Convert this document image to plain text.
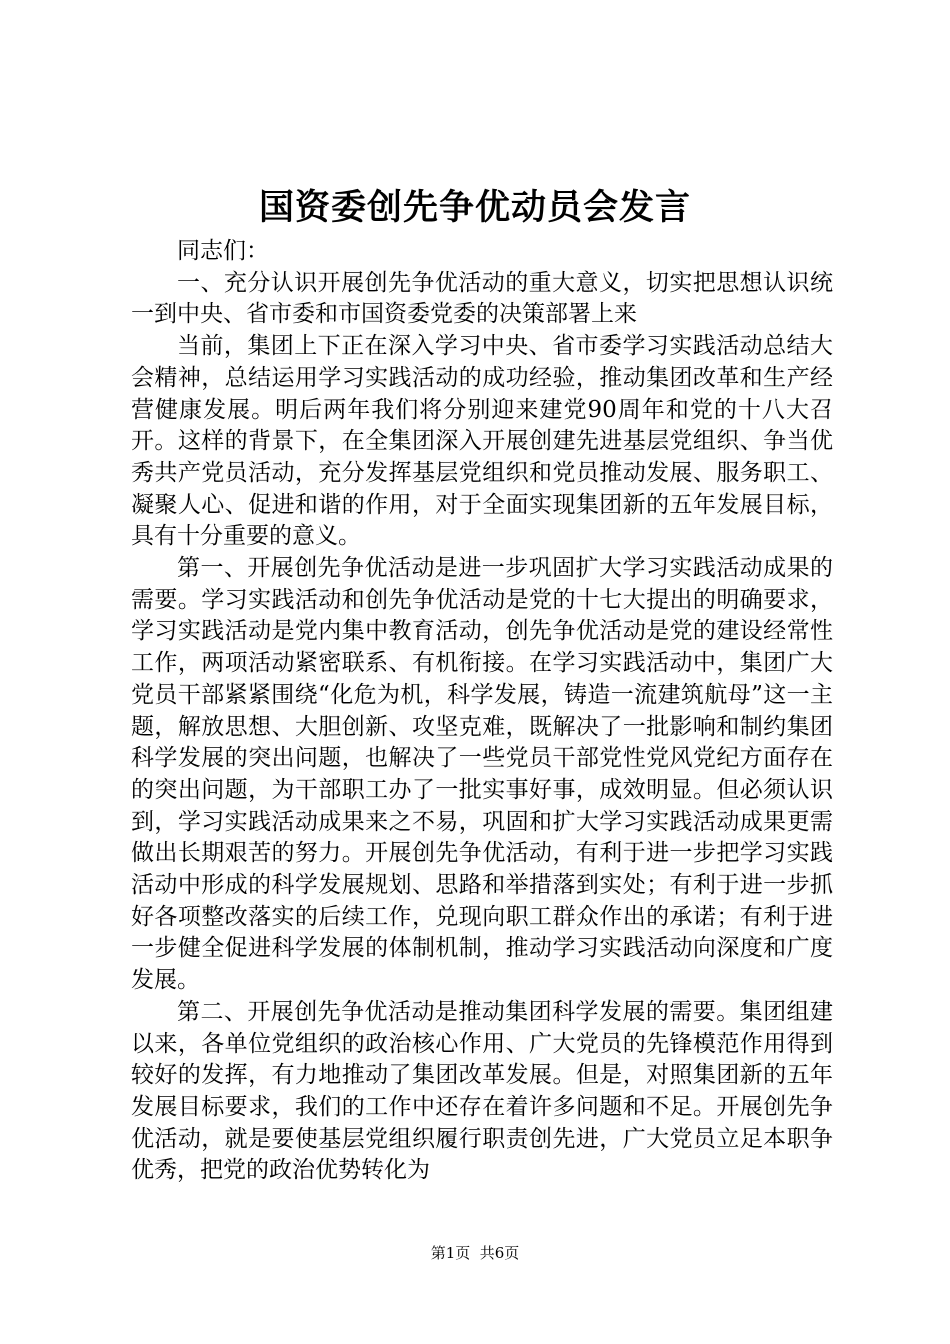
国资委创先争优动员会发言

同志们：

一、充分认识开展创先争优活动的重大意义，切实把思想认识统一到中央、省市委和市国资委党委的决策部署上来

当前，集团上下正在深入学习中央、省市委学习实践活动总结大会精神，总结运用学习实践活动的成功经验，推动集团改革和生产经营健康发展。明后两年我们将分别迎来建党90周年和党的十八大召开。这样的背景下，在全集团深入开展创建先进基层党组织、争当优秀共产党员活动，充分发挥基层党组织和党员推动发展、服务职工、凝聚人心、促进和谐的作用，对于全面实现集团新的五年发展目标，具有十分重要的意义。

第一、开展创先争优活动是进一步巩固扩大学习实践活动成果的需要。学习实践活动和创先争优活动是党的十七大提出的明确要求，学习实践活动是党内集中教育活动，创先争优活动是党的建设经常性工作，两项活动紧密联系、有机衔接。在学习实践活动中，集团广大党员干部紧紧围绕“化危为机，科学发展，铸造一流建筑航母”这一主题，解放思想、大胆创新、攻坚克难，既解决了一批影响和制约集团科学发展的突出问题，也解决了一些党员干部党性党风党纪方面存在的突出问题，为干部职工办了一批实事好事，成效明显。但必须认识到，学习实践活动成果来之不易，巩固和扩大学习实践活动成果更需做出长期艰苦的努力。开展创先争优活动，有利于进一步把学习实践活动中形成的科学发展规划、思路和举措落到实处；有利于进一步抓好各项整改落实的后续工作，兑现向职工群众作出的承诺；有利于进一步健全促进科学发展的体制机制，推动学习实践活动向深度和广度发展。

第二、开展创先争优活动是推动集团科学发展的需要。集团组建以来，各单位党组织的政治核心作用、广大党员的先锋模范作用得到较好的发挥，有力地推动了集团改革发展。但是，对照集团新的五年发展目标要求，我们的工作中还存在着许多问题和不足。开展创先争优活动，就是要使基层党组织履行职责创先进，广大党员立足本职争优秀，把党的政治优势转化为

第1页  共6页
